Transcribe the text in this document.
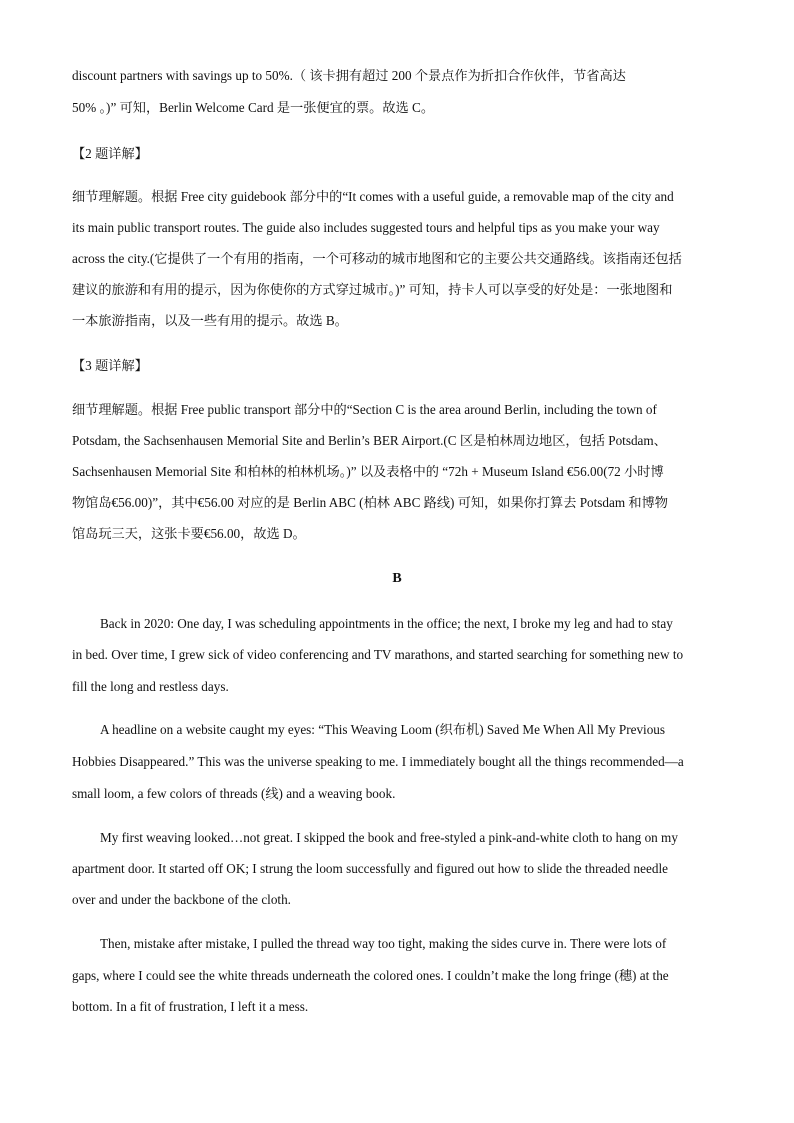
discount partners with savings up to 50%.（ 该卡拥有超过 200 个景点作为折扣合作伙伴，节省高达
50% 。)” 可知，Berlin Welcome Card 是一张便宜的票。故选 C。
【2 题详解】
细节理解题。根据 Free city guidebook 部分中的“It comes with a useful guide, a removable map of the city and
its main public transport routes. The guide also includes suggested tours and helpful tips as you make your way
across the city.(它提供了一个有用的指南，一个可移动的城市地图和它的主要公共交通路线。该指南还包括
建议的旅游和有用的提示，因为你使你的方式穿过城市。)” 可知，持卡人可以享受的好处是：一张地图和
一本旅游指南，以及一些有用的提示。故选 B。
【3 题详解】
细节理解题。根据 Free public transport 部分中的“Section C is the area around Berlin, including the town of
Potsdam, the Sachsenhausen Memorial Site and Berlin’s BER Airport.(C 区是柏林周边地区，包括 Potsdam、
Sachsenhausen Memorial Site 和柏林的柏林机场。)” 以及表格中的 “72h + Museum Island €56.00(72 小时博
物馆岛€56.00)”，其中€56.00 对应的是 Berlin ABC (柏林 ABC 路线) 可知，如果你打算去 Potsdam 和博物
馆岛玩三天，这张卡要€56.00，故选 D。
B
Back in 2020: One day, I was scheduling appointments in the office; the next, I broke my leg and had to stay
in bed. Over time, I grew sick of video conferencing and TV marathons, and started searching for something new to
fill the long and restless days.
A headline on a website caught my eyes: “This Weaving Loom (织布机) Saved Me When All My Previous
Hobbies Disappeared.” This was the universe speaking to me. I immediately bought all the things recommended—a
small loom, a few colors of threads (线) and a weaving book.
My first weaving looked…not great. I skipped the book and free-styled a pink-and-white cloth to hang on my
apartment door. It started off OK; I strung the loom successfully and figured out how to slide the threaded needle
over and under the backbone of the cloth.
Then, mistake after mistake, I pulled the thread way too tight, making the sides curve in. There were lots of
gaps, where I could see the white threads underneath the colored ones. I couldn’t make the long fringe (穗) at the
bottom. In a fit of frustration, I left it a mess.
